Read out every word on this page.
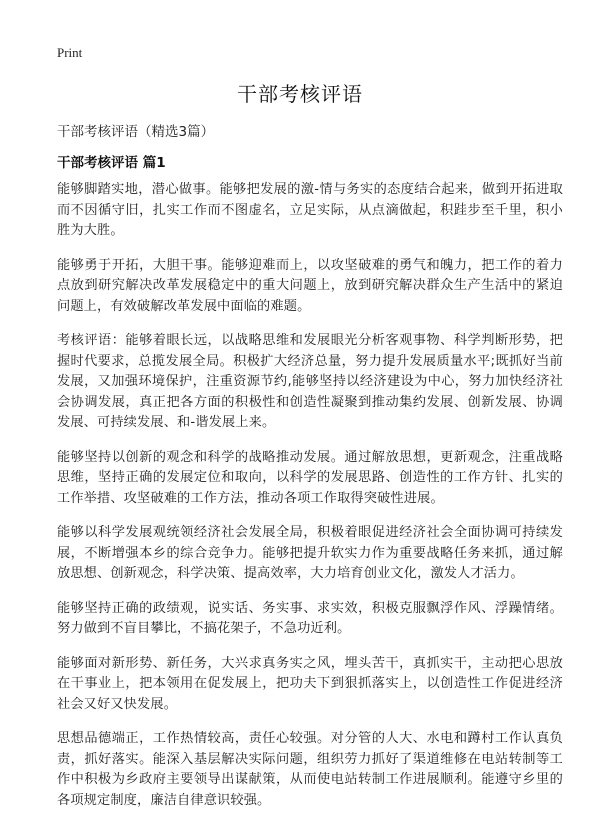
Print
干部考核评语
干部考核评语（精选3篇）
干部考核评语 篇1

能够脚踏实地，潜心做事。能够把发展的激-情与务实的态度结合起来，做到开拓进取而不因循守旧，扎实工作而不图虚名，立足实际，从点滴做起，积跬步至千里，积小胜为大胜。

能够勇于开拓，大胆干事。能够迎难而上，以攻坚破难的勇气和魄力，把工作的着力点放到研究解决改革发展稳定中的重大问题上，放到研究解决群众生产生活中的紧迫问题上，有效破解改革发展中面临的难题。

考核评语：能够着眼长远，以战略思维和发展眼光分析客观事物、科学判断形势，把握时代要求，总揽发展全局。积极扩大经济总量，努力提升发展质量水平;既抓好当前发展，又加强环境保护，注重资源节约,能够坚持以经济建设为中心，努力加快经济社会协调发展，真正把各方面的积极性和创造性凝聚到推动集约发展、创新发展、协调发展、可持续发展、和-谐发展上来。

能够坚持以创新的观念和科学的战略推动发展。通过解放思想，更新观念，注重战略思维，坚持正确的发展定位和取向，以科学的发展思路、创造性的工作方针、扎实的工作举措、攻坚破难的工作方法，推动各项工作取得突破性进展。

能够以科学发展观统领经济社会发展全局，积极着眼促进经济社会全面协调可持续发展，不断增强本乡的综合竞争力。能够把提升软实力作为重要战略任务来抓，通过解放思想、创新观念，科学决策、提高效率，大力培育创业文化，激发人才活力。

能够坚持正确的政绩观，说实话、务实事、求实效，积极克服飘浮作风、浮躁情绪。努力做到不盲目攀比，不搞花架子，不急功近利。

能够面对新形势、新任务，大兴求真务实之风，埋头苦干，真抓实干，主动把心思放在干事业上，把本领用在促发展上，把功夫下到狠抓落实上，以创造性工作促进经济社会又好又快发展。

思想品德端正，工作热情较高，责任心较强。对分管的人大、水电和蹲村工作认真负责，抓好落实。能深入基层解决实际问题，组织劳力抓好了渠道维修在电站转制等工作中积极为乡政府主要领导出谋献策，从而使电站转制工作进展顺利。能遵守乡里的各项规定制度，廉洁自律意识较强。
